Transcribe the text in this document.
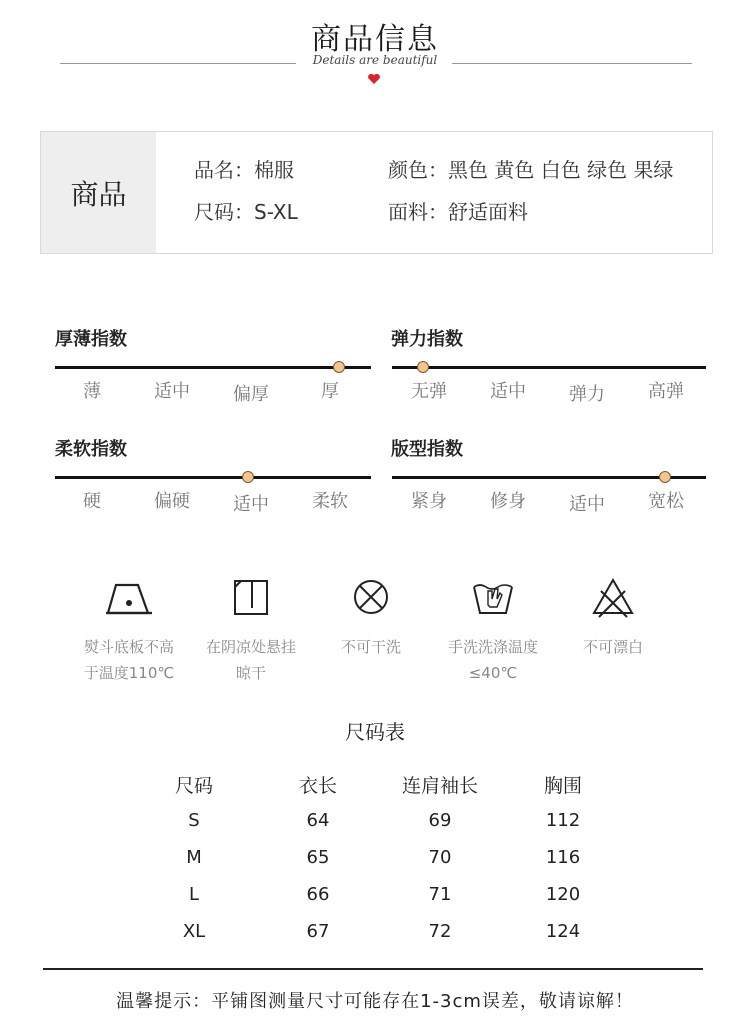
商品信息
Details are beautiful
商品
品名：棉服	颜色：黑色 黄色 白色 绿色 果绿
尺码：S-XL	面料：舒适面料
厚薄指数
薄	适中	偏厚	厚
弹力指数
无弹	适中	弹力	高弹
柔软指数
硬	偏硬	适中	柔软
版型指数
紧身	修身	适中	宽松
熨斗底板不高
于温度110℃
在阴凉处悬挂
晾干
不可干洗	手洗洗涤温度
≤40℃
不可漂白
尺码表
尺码	衣长	连肩袖长	胸围
S	64	69	112
M	65	70	116
L	66	71	120
XL	67	72	124
温馨提示：平铺图测量尺寸可能存在1-3cm误差，敬请谅解！
